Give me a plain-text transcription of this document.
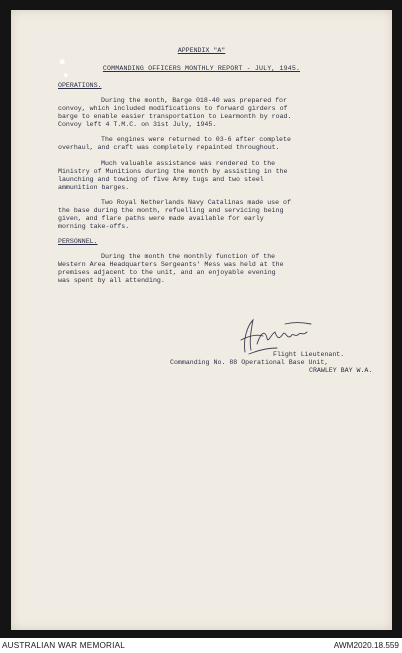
APPENDIX "A"
COMMANDING OFFICERS MONTHLY REPORT - JULY, 1945.
OPERATIONS.
During the month, Barge 018-40 was prepared for
convoy, which included modifications to forward girders of
barge to enable easier transportation to Learmonth by road.
Convoy left 4 T.M.C. on 31st July, 1945.
The engines were returned to 03-6 after complete
overhaul, and craft was completely repainted throughout.
Much valuable assistance was rendered to the
Ministry of Munitions during the month by assisting in the
launching and towing of five Army tugs and two steel
ammunition barges.
Two Royal Netherlands Navy Catalinas made use of
the base during the month, refuelling and servicing being
given, and flare paths were made available for early
morning take-offs.
PERSONNEL.
During the month the monthly function of the
Western Area Headquarters Sergeants' Mess was held at the
premises adjacent to the unit, and an enjoyable evening
was spent by all attending.
Flight Lieutenant.
Commanding No. 88 Operational Base Unit,
CRAWLEY BAY W.A.
AUSTRALIAN WAR MEMORIAL	AWM2020.18.559
